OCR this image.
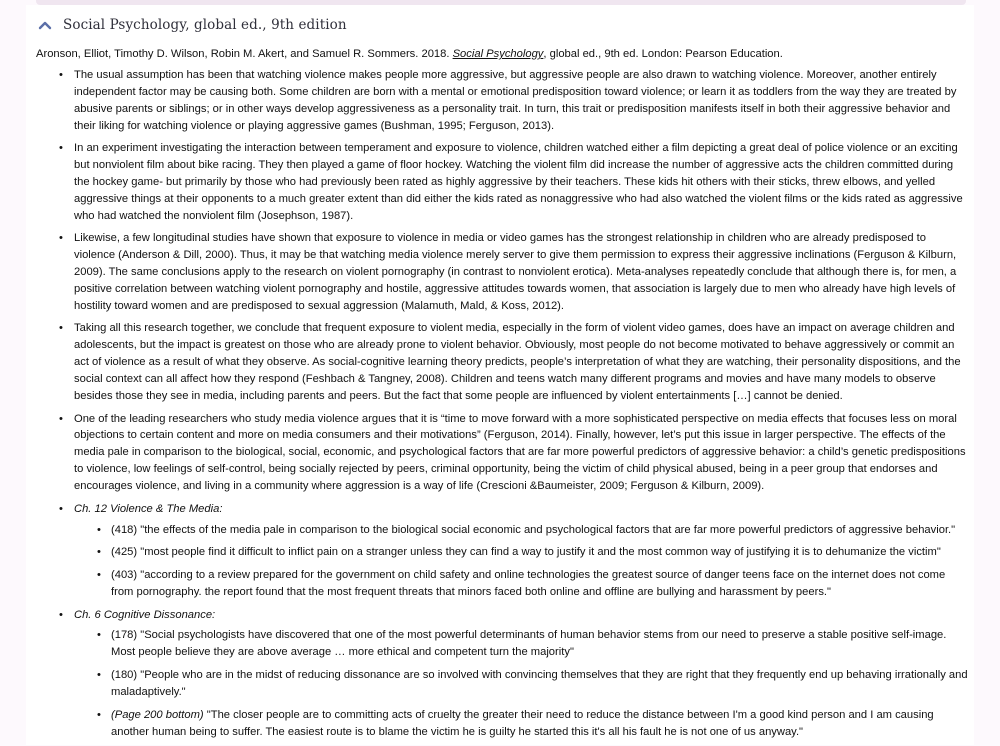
Social Psychology, global ed., 9th edition

Aronson, Elliot, Timothy D. Wilson, Robin M. Akert, and Samuel R. Sommers. 2018. Social Psychology, global ed., 9th ed. London: Pearson Education.

• The usual assumption has been that watching violence makes people more aggressive, but aggressive people are also drawn to watching violence. Moreover, another entirely independent factor may be causing both. Some children are born with a mental or emotional predisposition toward violence; or learn it as toddlers from the way they are treated by abusive parents or siblings; or in other ways develop aggressiveness as a personality trait. In turn, this trait or predisposition manifests itself in both their aggressive behavior and their liking for watching violence or playing aggressive games (Bushman, 1995; Ferguson, 2013).
• In an experiment investigating the interaction between temperament and exposure to violence, children watched either a film depicting a great deal of police violence or an exciting but nonviolent film about bike racing. They then played a game of floor hockey. Watching the violent film did increase the number of aggressive acts the children committed during the hockey game- but primarily by those who had previously been rated as highly aggressive by their teachers. These kids hit others with their sticks, threw elbows, and yelled aggressive things at their opponents to a much greater extent than did either the kids rated as nonaggressive who had also watched the violent films or the kids rated as aggressive who had watched the nonviolent film (Josephson, 1987).
• Likewise, a few longitudinal studies have shown that exposure to violence in media or video games has the strongest relationship in children who are already predisposed to violence (Anderson & Dill, 2000). Thus, it may be that watching media violence merely server to give them permission to express their aggressive inclinations (Ferguson & Kilburn, 2009). The same conclusions apply to the research on violent pornography (in contrast to nonviolent erotica). Meta-analyses repeatedly conclude that although there is, for men, a positive correlation between watching violent pornography and hostile, aggressive attitudes towards women, that association is largely due to men who already have high levels of hostility toward women and are predisposed to sexual aggression (Malamuth, Mald, & Koss, 2012).
• Taking all this research together, we conclude that frequent exposure to violent media, especially in the form of violent video games, does have an impact on average children and adolescents, but the impact is greatest on those who are already prone to violent behavior. Obviously, most people do not become motivated to behave aggressively or commit an act of violence as a result of what they observe. As social-cognitive learning theory predicts, people’s interpretation of what they are watching, their personality dispositions, and the social context can all affect how they respond (Feshbach & Tangney, 2008). Children and teens watch many different programs and movies and have many models to observe besides those they see in media, including parents and peers. But the fact that some people are influenced by violent entertainments […] cannot be denied.
• One of the leading researchers who study media violence argues that it is “time to move forward with a more sophisticated perspective on media effects that focuses less on moral objections to certain content and more on media consumers and their motivations” (Ferguson, 2014). Finally, however, let’s put this issue in larger perspective. The effects of the media pale in comparison to the biological, social, economic, and psychological factors that are far more powerful predictors of aggressive behavior: a child’s genetic predispositions to violence, low feelings of self-control, being socially rejected by peers, criminal opportunity, being the victim of child physical abused, being in a peer group that endorses and encourages violence, and living in a community where aggression is a way of life (Crescioni &Baumeister, 2009; Ferguson & Kilburn, 2009).
• Ch. 12 Violence & The Media:
• (418) "the effects of the media pale in comparison to the biological social economic and psychological factors that are far more powerful predictors of aggressive behavior."
• (425) "most people find it difficult to inflict pain on a stranger unless they can find a way to justify it and the most common way of justifying it is to dehumanize the victim"
• (403) "according to a review prepared for the government on child safety and online technologies the greatest source of danger teens face on the internet does not come from pornography. the report found that the most frequent threats that minors faced both online and offline are bullying and harassment by peers."
• Ch. 6 Cognitive Dissonance:
• (178) "Social psychologists have discovered that one of the most powerful determinants of human behavior stems from our need to preserve a stable positive self-image. Most people believe they are above average … more ethical and competent turn the majority"
• (180) "People who are in the midst of reducing dissonance are so involved with convincing themselves that they are right that they frequently end up behaving irrationally and maladaptively."
• (Page 200 bottom) "The closer people are to committing acts of cruelty the greater their need to reduce the distance between I'm a good kind person and I am causing another human being to suffer. The easiest route is to blame the victim he is guilty he started this it's all his fault he is not one of us anyway."
